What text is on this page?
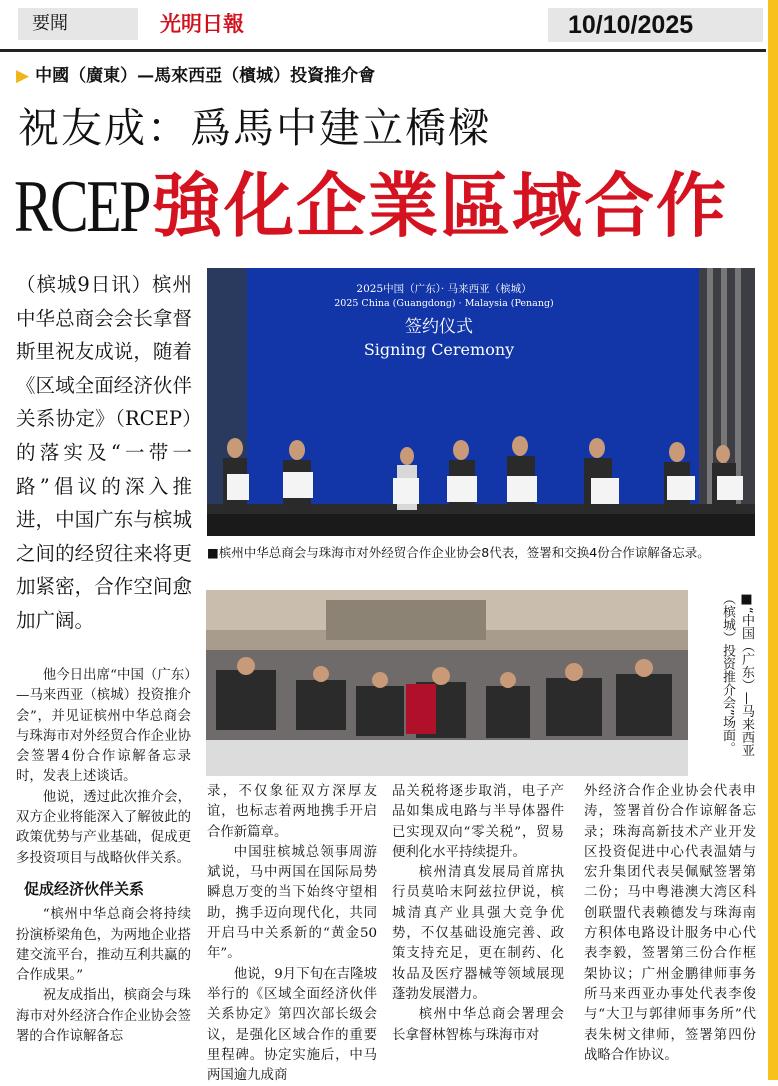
要聞	光明日報	10/10/2025
▶ 中國（廣東）—馬來西亞（檳城）投資推介會
祝友成：爲馬中建立橋樑
RCEP 強化企業區域合作
（槟城9日讯）槟州中华总商会会长拿督斯里祝友成说，随着《区域全面经济伙伴关系协定》（RCEP）的落实及“一带一路”倡议的深入推进，中国广东与槟城之间的经贸往来将更加紧密，合作空间愈加广阔。
2025中国（广东）· 马来西亚（槟城）
2025 China (Guangdong) · Malaysia (Penang)
签约仪式
Signing Ceremony
■槟州中华总商会与珠海市对外经贸合作企业协会8代表，签署和交换4份合作谅解备忘录。
■“中国（广东）—马来西亚（槟城）投资推介会”场面。

他今日出席“中国（广东）—马来西亚（槟城）投资推介会”，并见证槟州中华总商会与珠海市对外经贸合作企业协会签署4份合作谅解备忘录时，发表上述谈话。

他说，透过此次推介会，双方企业将能深入了解彼此的政策优势与产业基础，促成更多投资项目与战略伙伴关系。

促成经济伙伴关系

“槟州中华总商会将持续扮演桥梁角色，为两地企业搭建交流平台，推动互利共赢的合作成果。”

祝友成指出，槟商会与珠海市对外经济合作企业协会签署的合作谅解备忘

录，不仅象征双方深厚友谊，也标志着两地携手开启合作新篇章。

中国驻槟城总领事周游斌说，马中两国在国际局势瞬息万变的当下始终守望相助，携手迈向现代化，共同开启马中关系新的“黄金50年”。

他说，9月下旬在吉隆坡举行的《区域全面经济伙伴关系协定》第四次部长级会议，是强化区域合作的重要里程碑。协定实施后，中马两国逾九成商

品关税将逐步取消，电子产品如集成电路与半导体器件已实现双向“零关税”，贸易便利化水平持续提升。

槟州清真发展局首席执行员莫哈末阿兹拉伊说，槟城清真产业具强大竞争优势，不仅基础设施完善、政策支持充足，更在制药、化妆品及医疗器械等领域展现蓬勃发展潜力。

槟州中华总商会署理会长拿督林智栋与珠海市对

外经济合作企业协会代表申涛，签署首份合作谅解备忘录；珠海高新技术产业开发区投资促进中心代表温婧与宏升集团代表吴佩赋签署第二份；马中粤港澳大湾区科创联盟代表赖德发与珠海南方积体电路设计服务中心代表李毅，签署第三份合作框架协议；广州金鹏律师事务所马来西亚办事处代表李俊与“大卫与郭律师事务所”代表朱树文律师，签署第四份战略合作协议。
